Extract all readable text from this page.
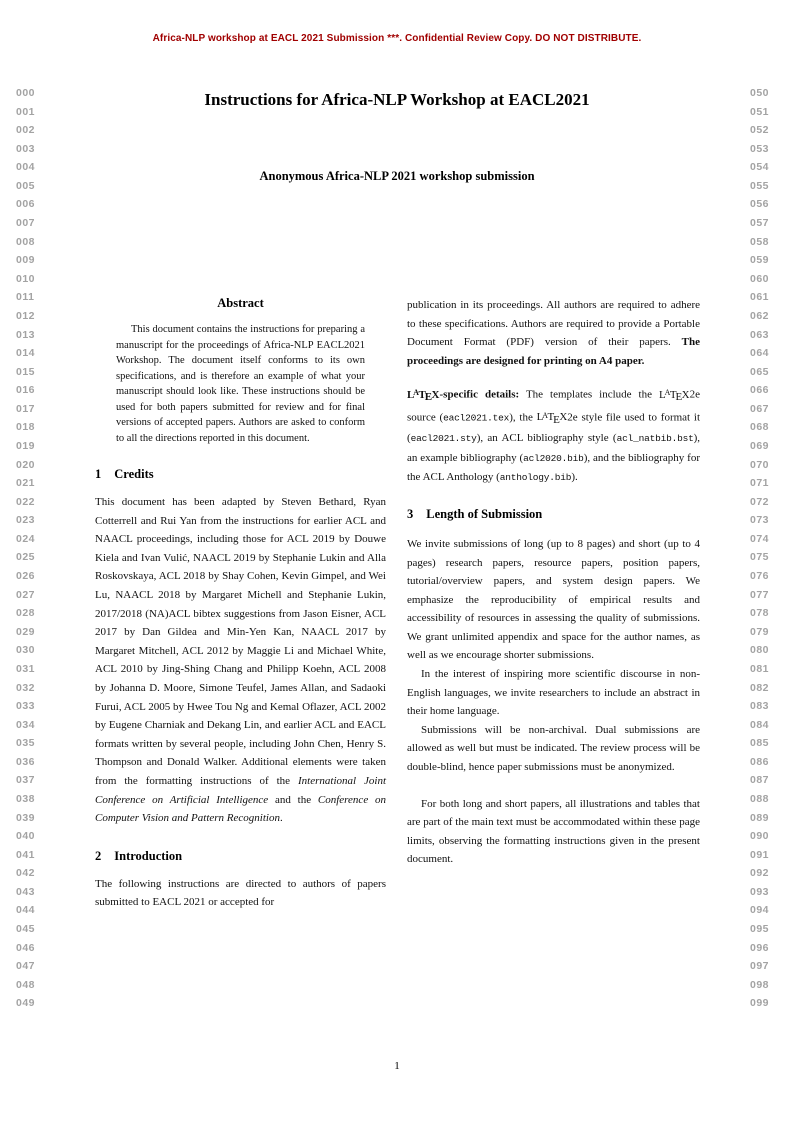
Africa-NLP workshop at EACL 2021 Submission ***. Confidential Review Copy. DO NOT DISTRIBUTE.
000
001
002
003
004
005
006
007
008
009
010
011
012
013
014
015
016
017
018
019
020
021
022
023
024
025
026
027
028
029
030
031
032
033
034
035
036
037
038
039
040
041
042
043
044
045
046
047
048
049
050
051
052
053
054
055
056
057
058
059
060
061
062
063
064
065
066
067
068
069
070
071
072
073
074
075
076
077
078
079
080
081
082
083
084
085
086
087
088
089
090
091
092
093
094
095
096
097
098
099
Instructions for Africa-NLP Workshop at EACL2021
Anonymous Africa-NLP 2021 workshop submission
Abstract

This document contains the instructions for preparing a manuscript for the proceedings of Africa-NLP EACL2021 Workshop. The document itself conforms to its own specifications, and is therefore an example of what your manuscript should look like. These instructions should be used for both papers submitted for review and for final versions of accepted papers. Authors are asked to conform to all the directions reported in this document.

1 Credits

This document has been adapted by Steven Bethard, Ryan Cotterrell and Rui Yan from the instructions for earlier ACL and NAACL proceedings, including those for ACL 2019 by Douwe Kiela and Ivan Vulić, NAACL 2019 by Stephanie Lukin and Alla Roskovskaya, ACL 2018 by Shay Cohen, Kevin Gimpel, and Wei Lu, NAACL 2018 by Margaret Michell and Stephanie Lukin, 2017/2018 (NA)ACL bibtex suggestions from Jason Eisner, ACL 2017 by Dan Gildea and Min-Yen Kan, NAACL 2017 by Margaret Mitchell, ACL 2012 by Maggie Li and Michael White, ACL 2010 by Jing-Shing Chang and Philipp Koehn, ACL 2008 by Johanna D. Moore, Simone Teufel, James Allan, and Sadaoki Furui, ACL 2005 by Hwee Tou Ng and Kemal Oflazer, ACL 2002 by Eugene Charniak and Dekang Lin, and earlier ACL and EACL formats written by several people, including John Chen, Henry S. Thompson and Donald Walker. Additional elements were taken from the formatting instructions of the International Joint Conference on Artificial Intelligence and the Conference on Computer Vision and Pattern Recognition.

2 Introduction

The following instructions are directed to authors of papers submitted to EACL 2021 or accepted for

publication in its proceedings. All authors are required to adhere to these specifications. Authors are required to provide a Portable Document Format (PDF) version of their papers. The proceedings are designed for printing on A4 paper.

$L^ATEX$-specific details: The templates include the $L^ATEX2e$ source (eacl2021.tex), the $L^ATEX2e$ style file used to format it (eacl2021.sty), an ACL bibliography style (acl_natbib.bst), an example bibliography (acl2020.bib), and the bibliography for the ACL Anthology (anthology.bib).

3 Length of Submission

We invite submissions of long (up to 8 pages) and short (up to 4 pages) research papers, resource papers, position papers, tutorial/overview papers, and system design papers. We emphasize the reproducibility of empirical results and accessibility of resources in assessing the quality of submissions. We grant unlimited appendix and space for the author names, as well as we encourage shorter submissions.

In the interest of inspiring more scientific discourse in non-English languages, we invite researchers to include an abstract in their home language.

Submissions will be non-archival. Dual submissions are allowed as well but must be indicated. The review process will be double-blind, hence paper submissions must be anonymized.

For both long and short papers, all illustrations and tables that are part of the main text must be accommodated within these page limits, observing the formatting instructions given in the present document.

1
